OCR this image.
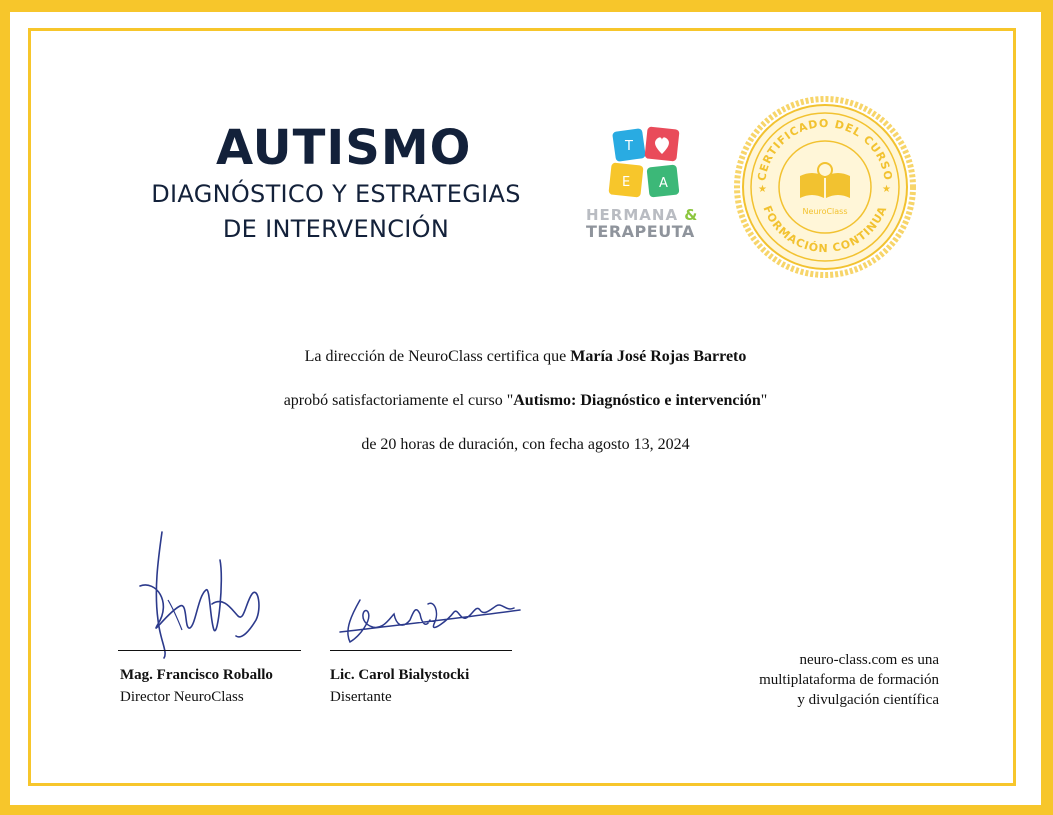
AUTISMO
DIAGNÓSTICO Y ESTRATEGIAS
DE INTERVENCIÓN
T
E A
HERMANA &
TERAPEUTA
CERTIFICADO DEL CURSO
FORMACIÓN CONTINUA
NeuroClass
★	★
La dirección de NeuroClass certifica que María José Rojas Barreto
aprobó satisfactoriamente el curso "Autismo: Diagnóstico e intervención"
de 20 horas de duración, con fecha agosto 13, 2024
Mag. Francisco Roballo
Director NeuroClass
Lic. Carol Bialystocki
Disertante
neuro-class.com es una
multiplataforma de formación
y divulgación científica
